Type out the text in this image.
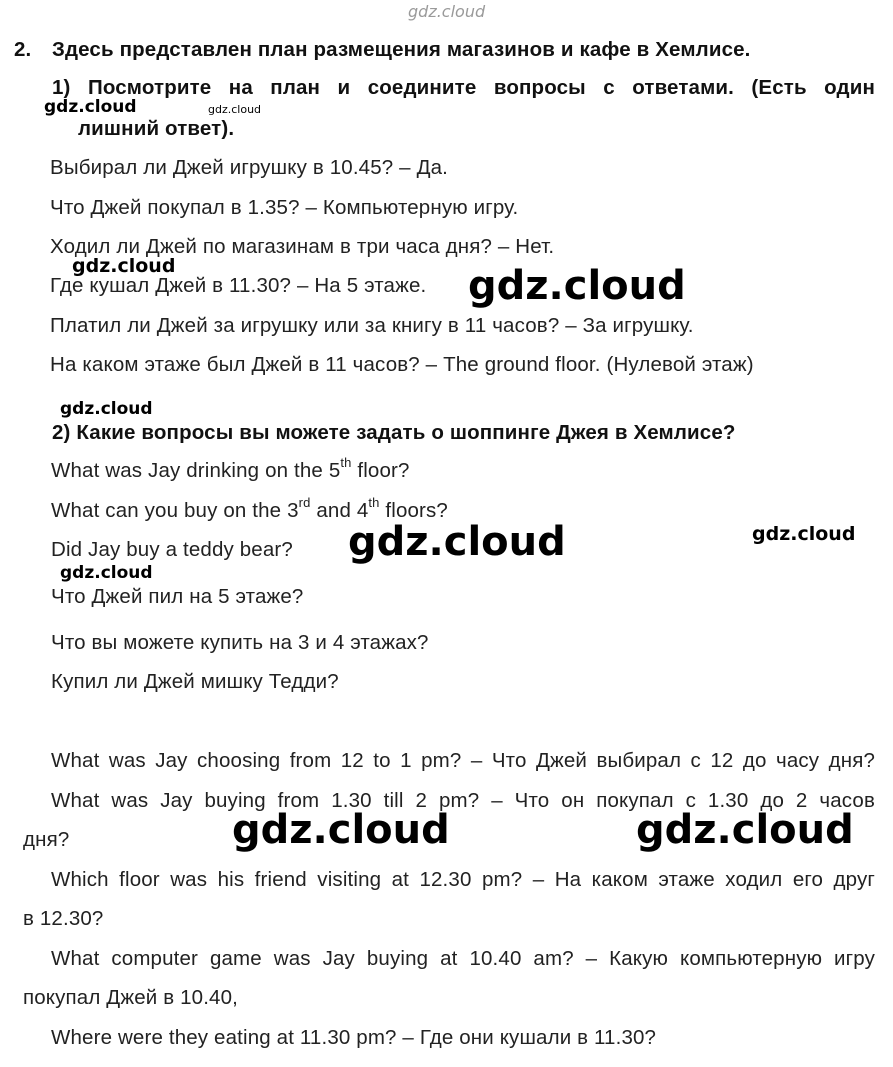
gdz.cloud
2. Здесь представлен план размещения магазинов и кафе в Хемлисе.
1) Посмотрите на план и соедините вопросы с ответами. (Есть один
лишний ответ).
Выбирал ли Джей игрушку в 10.45? – Да.
Что Джей покупал в 1.35? – Компьютерную игру.
Ходил ли Джей по магазинам в три часа дня? – Нет.
Где кушал Джей в 11.30? – На 5 этаже.
Платил ли Джей за игрушку или за книгу в 11 часов? – За игрушку.
На каком этаже был Джей в 11 часов? – The ground floor. (Нулевой этаж)
2) Какие вопросы вы можете задать о шоппинге Джея в Хемлисе?
What was Jay drinking on the 5th floor?
What can you buy on the 3rd and 4th floors?
Did Jay buy a teddy bear?
Что Джей пил на 5 этаже?
Что вы можете купить на 3 и 4 этажах?
Купил ли Джей мишку Тедди?
What was Jay choosing from 12 to 1 pm? – Что Джей выбирал с 12 до часу дня?
What was Jay buying from 1.30 till 2 pm? – Что он покупал с 1.30 до 2 часов
дня?
Which floor was his friend visiting at 12.30 pm? – На каком этаже ходил его друг
в 12.30?
What computer game was Jay buying at 10.40 am? – Какую компьютерную игру
покупал Джей в 10.40,
Where were they eating at 11.30 pm? – Где они кушали в 11.30?
gdz.cloud	gdz.cloud
gdz.cloud	gdz.cloud
gdz.cloud
gdz.cloud	gdz.cloud
gdz.cloud
gdz.cloud	gdz.cloud
